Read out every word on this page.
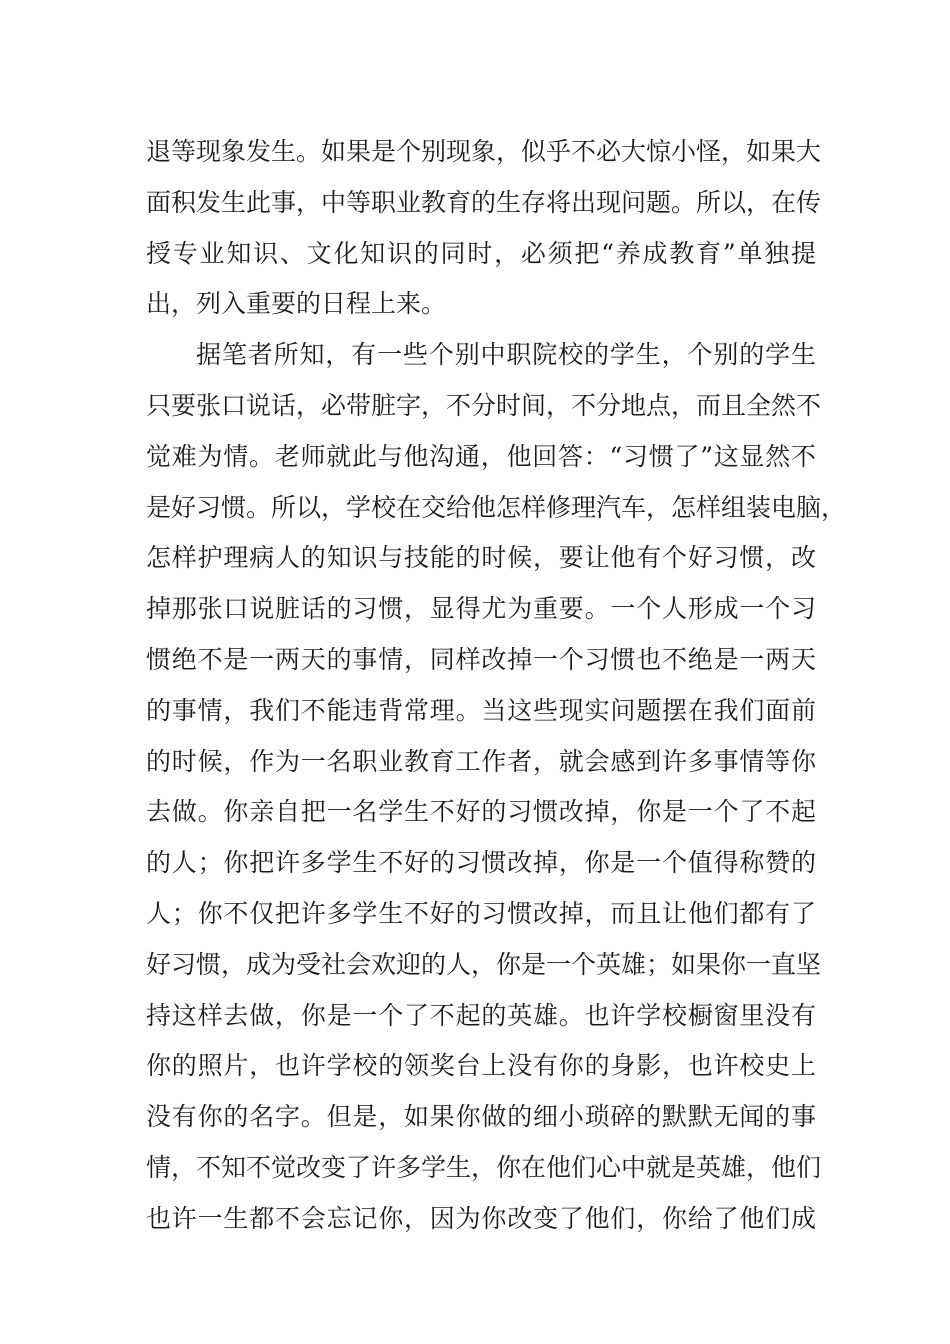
退等现象发生。如果是个别现象，似乎不必大惊小怪，如果大
面积发生此事，中等职业教育的生存将出现问题。所以，在传
授专业知识、文化知识的同时，必须把“养成教育”单独提
出，列入重要的日程上来。
据笔者所知，有一些个别中职院校的学生，个别的学生
只要张口说话，必带脏字，不分时间，不分地点，而且全然不
觉难为情。老师就此与他沟通，他回答：“习惯了”这显然不
是好习惯。所以，学校在交给他怎样修理汽车，怎样组装电脑，
怎样护理病人的知识与技能的时候，要让他有个好习惯，改
掉那张口说脏话的习惯，显得尤为重要。一个人形成一个习
惯绝不是一两天的事情，同样改掉一个习惯也不绝是一两天
的事情，我们不能违背常理。当这些现实问题摆在我们面前
的时候，作为一名职业教育工作者，就会感到许多事情等你
去做。你亲自把一名学生不好的习惯改掉，你是一个了不起
的人；你把许多学生不好的习惯改掉，你是一个值得称赞的
人；你不仅把许多学生不好的习惯改掉，而且让他们都有了
好习惯，成为受社会欢迎的人，你是一个英雄；如果你一直坚
持这样去做，你是一个了不起的英雄。也许学校橱窗里没有
你的照片，也许学校的领奖台上没有你的身影，也许校史上
没有你的名字。但是，如果你做的细小琐碎的默默无闻的事
情，不知不觉改变了许多学生，你在他们心中就是英雄，他们
也许一生都不会忘记你，因为你改变了他们，你给了他们成
